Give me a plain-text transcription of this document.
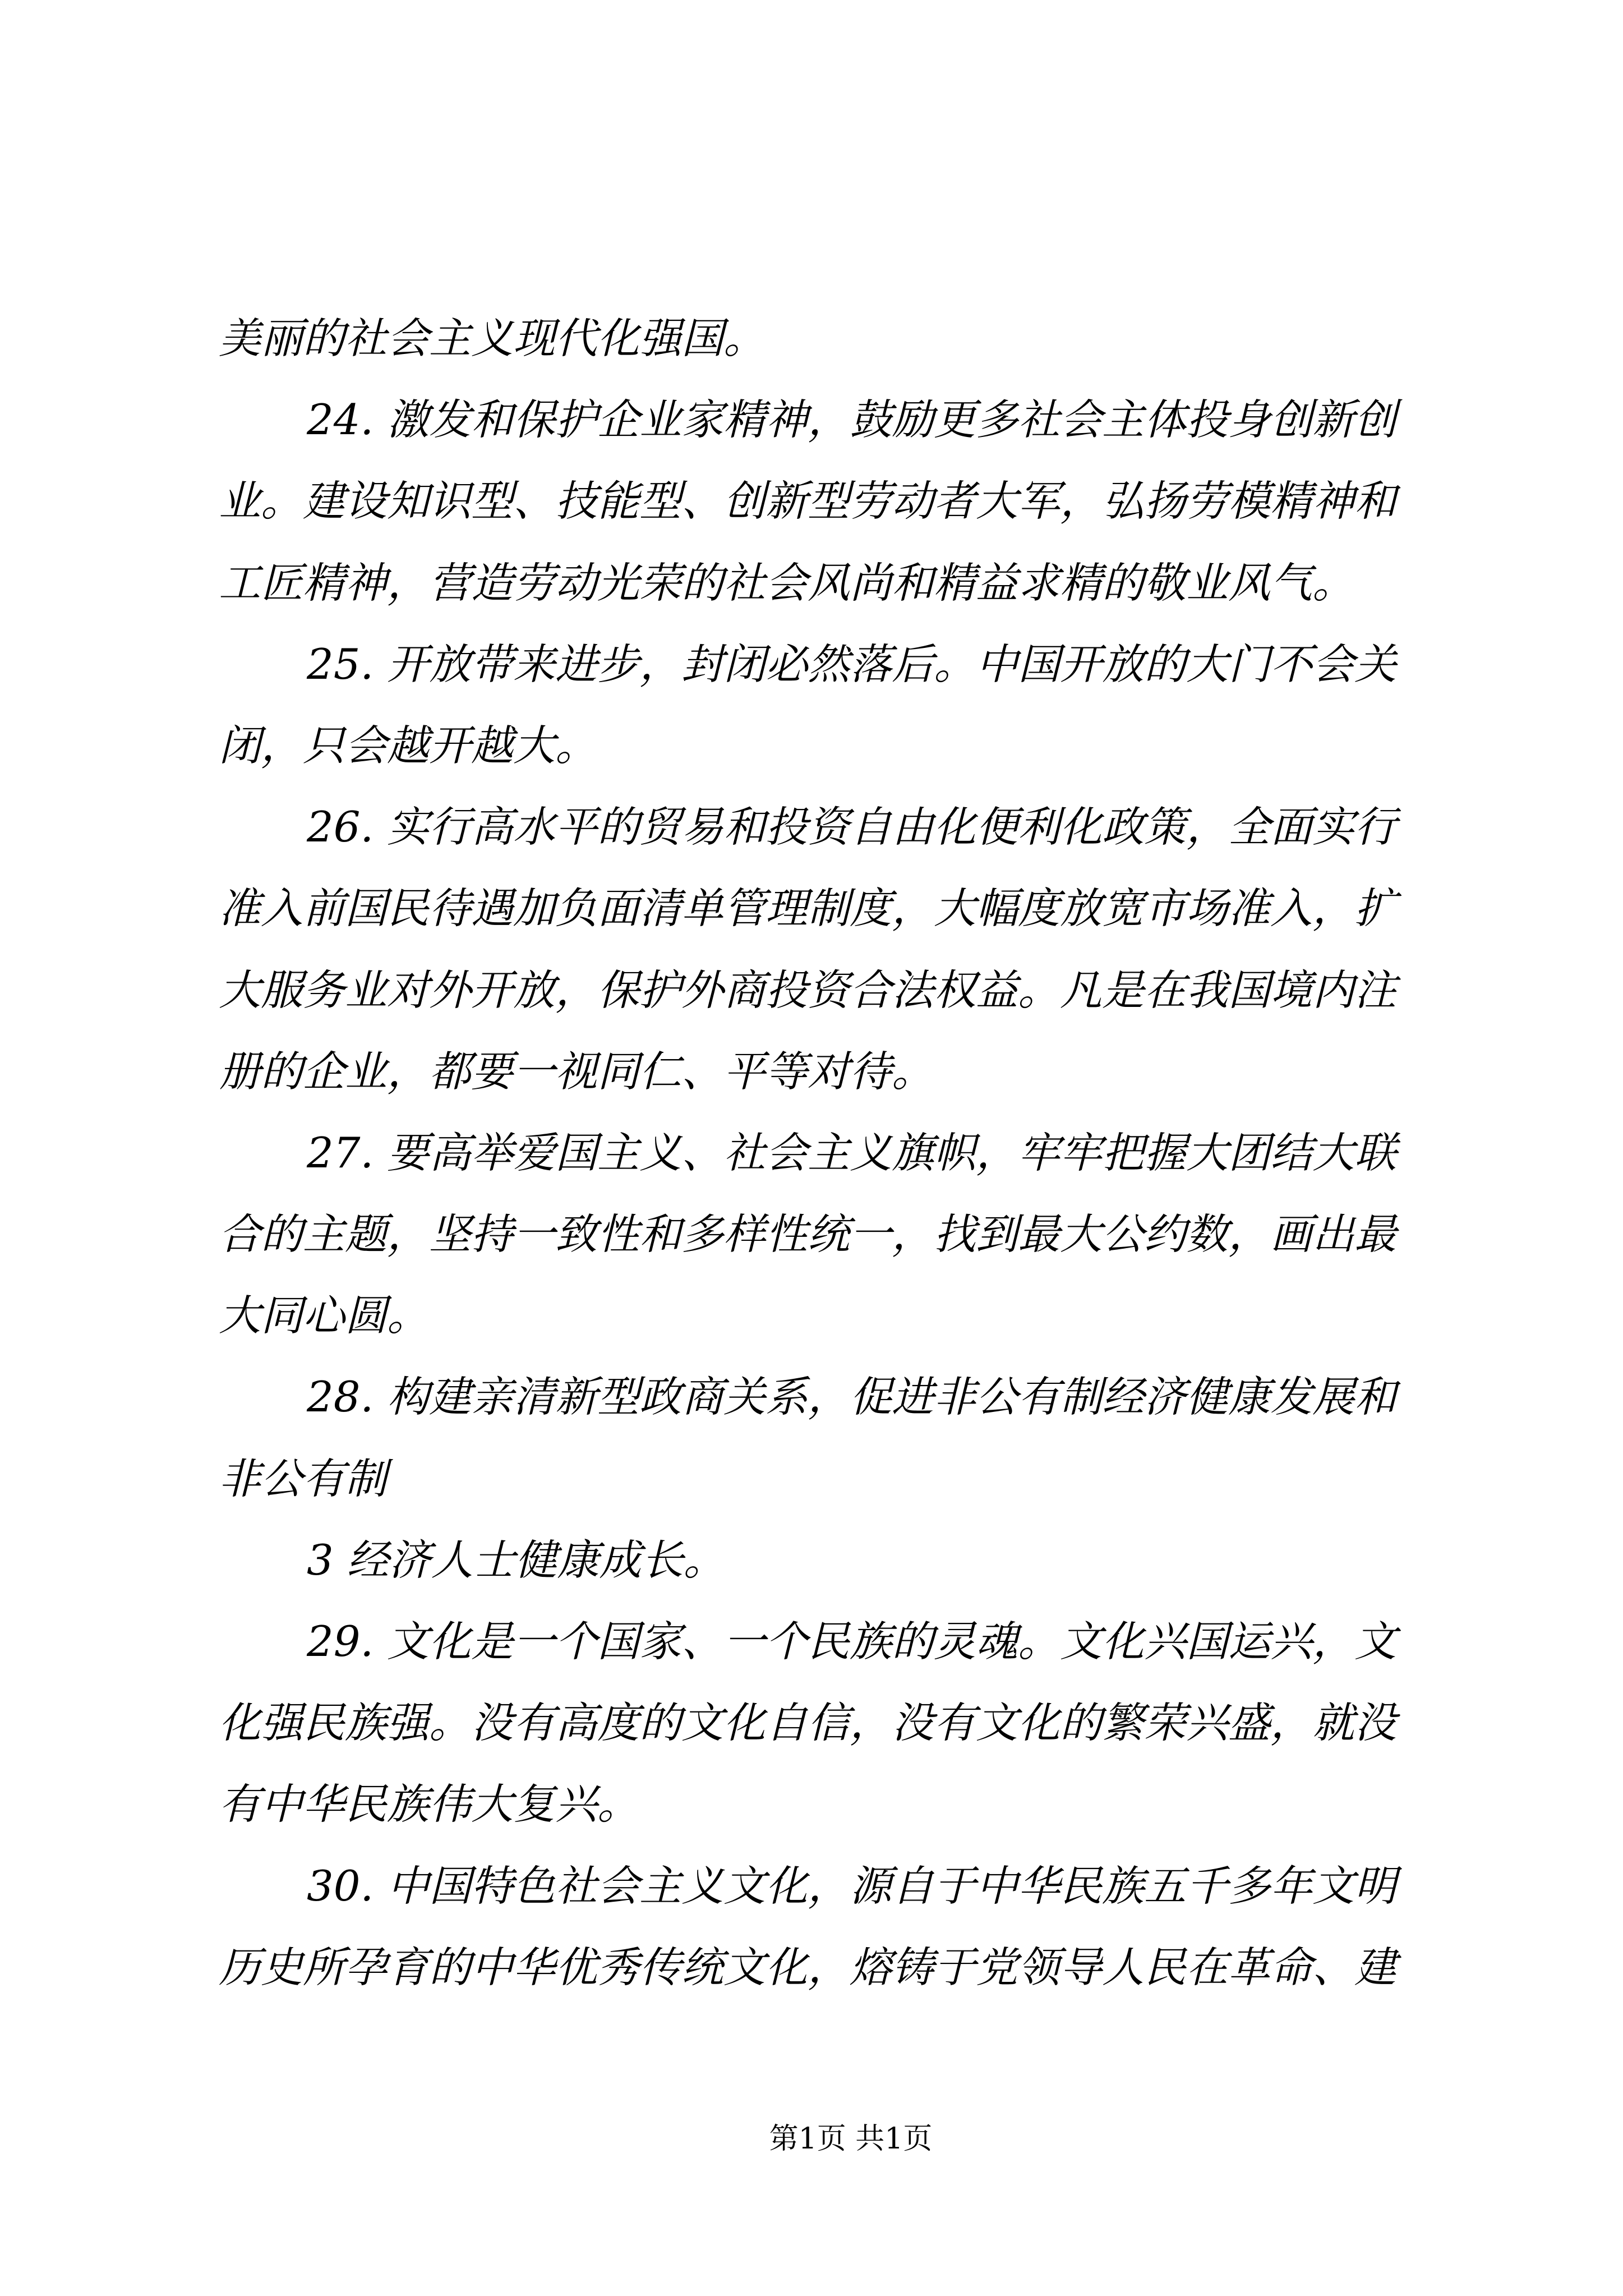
美丽的社会主义现代化强国。
24. 激发和保护企业家精神，鼓励更多社会主体投身创新创
业。建设知识型、技能型、创新型劳动者大军，弘扬劳模精神和
工匠精神，营造劳动光荣的社会风尚和精益求精的敬业风气。
25. 开放带来进步，封闭必然落后。中国开放的大门不会关
闭，只会越开越大。
26. 实行高水平的贸易和投资自由化便利化政策，全面实行
准入前国民待遇加负面清单管理制度，大幅度放宽市场准入，扩
大服务业对外开放，保护外商投资合法权益。凡是在我国境内注
册的企业，都要一视同仁、平等对待。
27. 要高举爱国主义、社会主义旗帜，牢牢把握大团结大联
合的主题，坚持一致性和多样性统一，找到最大公约数，画出最
大同心圆。
28. 构建亲清新型政商关系，促进非公有制经济健康发展和
非公有制
3 经济人士健康成长。
29. 文化是一个国家、一个民族的灵魂。文化兴国运兴，文
化强民族强。没有高度的文化自信，没有文化的繁荣兴盛，就没
有中华民族伟大复兴。
30. 中国特色社会主义文化，源自于中华民族五千多年文明
历史所孕育的中华优秀传统文化，熔铸于党领导人民在革命、建
第1页 共1页
